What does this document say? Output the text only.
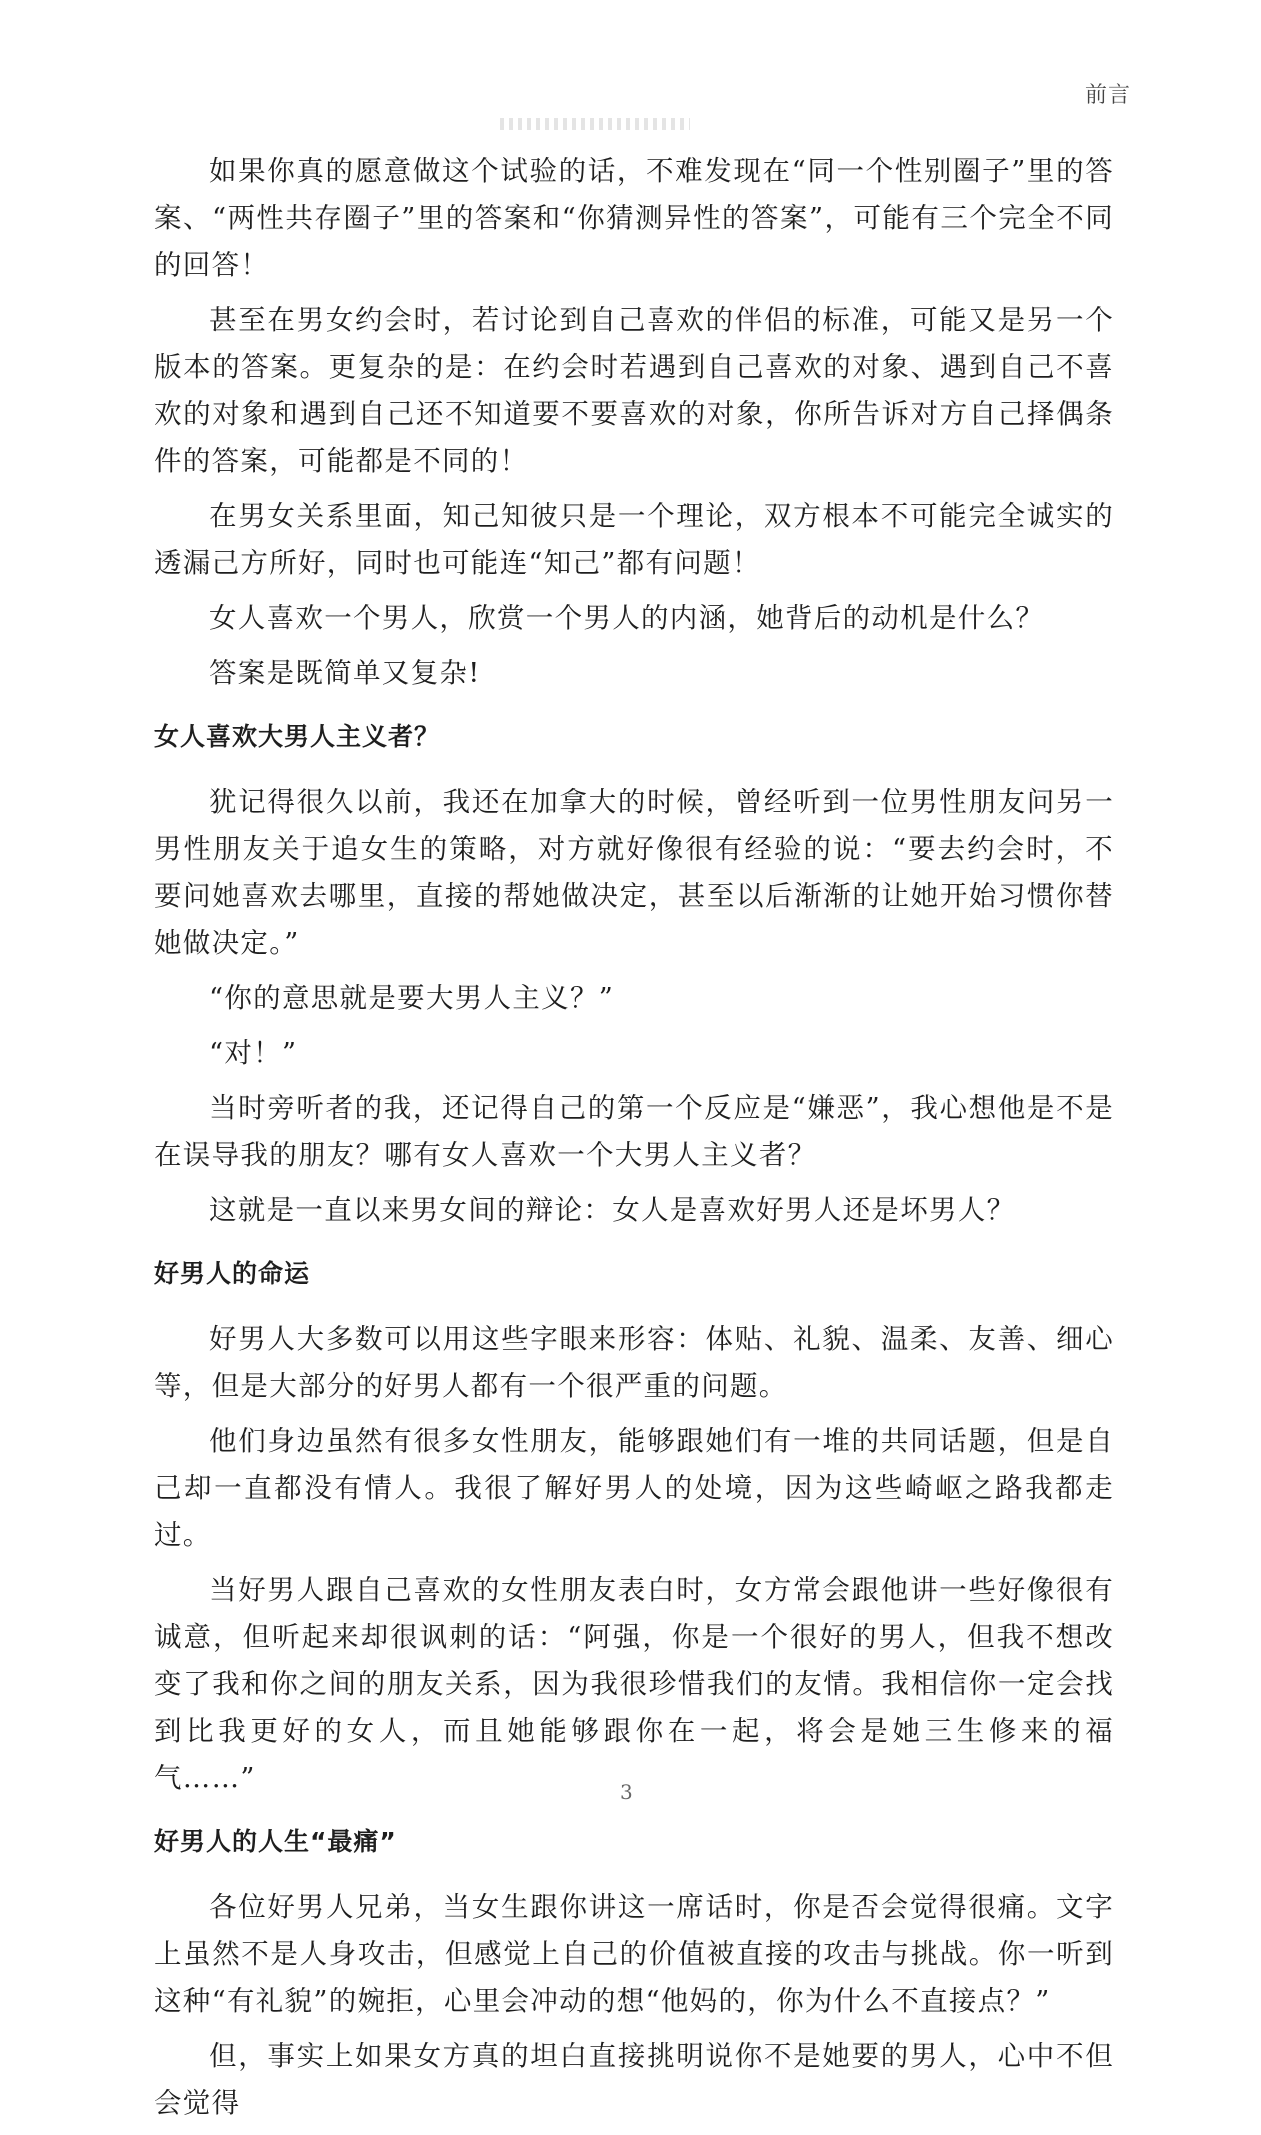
前言

如果你真的愿意做这个试验的话，不难发现在“同一个性别圈子”里的答案、“两性共存圈子”里的答案和“你猜测异性的答案”，可能有三个完全不同的回答！

甚至在男女约会时，若讨论到自己喜欢的伴侣的标准，可能又是另一个版本的答案。更复杂的是：在约会时若遇到自己喜欢的对象、遇到自己不喜欢的对象和遇到自己还不知道要不要喜欢的对象，你所告诉对方自己择偶条件的答案，可能都是不同的！

在男女关系里面，知己知彼只是一个理论，双方根本不可能完全诚实的透漏己方所好，同时也可能连“知己”都有问题！

女人喜欢一个男人，欣赏一个男人的内涵，她背后的动机是什么？

答案是既简单又复杂!

女人喜欢大男人主义者？

犹记得很久以前，我还在加拿大的时候，曾经听到一位男性朋友问另一男性朋友关于追女生的策略，对方就好像很有经验的说：“要去约会时，不要问她喜欢去哪里，直接的帮她做决定，甚至以后渐渐的让她开始习惯你替她做决定。”

“你的意思就是要大男人主义？”

“对！”

当时旁听者的我，还记得自己的第一个反应是“嫌恶”，我心想他是不是在误导我的朋友？哪有女人喜欢一个大男人主义者？

这就是一直以来男女间的辩论：女人是喜欢好男人还是坏男人？

好男人的命运

好男人大多数可以用这些字眼来形容：体贴、礼貌、温柔、友善、细心等，但是大部分的好男人都有一个很严重的问题。

他们身边虽然有很多女性朋友，能够跟她们有一堆的共同话题，但是自己却一直都没有情人。我很了解好男人的处境，因为这些崎岖之路我都走过。

当好男人跟自己喜欢的女性朋友表白时，女方常会跟他讲一些好像很有诚意，但听起来却很讽刺的话：“阿强，你是一个很好的男人，但我不想改变了我和你之间的朋友关系，因为我很珍惜我们的友情。我相信你一定会找到比我更好的女人，而且她能够跟你在一起，将会是她三生修来的福气……”

好男人的人生“最痛”

各位好男人兄弟，当女生跟你讲这一席话时，你是否会觉得很痛。文字上虽然不是人身攻击，但感觉上自己的价值被直接的攻击与挑战。你一听到这种“有礼貌”的婉拒，心里会冲动的想“他妈的，你为什么不直接点？”

但，事实上如果女方真的坦白直接挑明说你不是她要的男人，心中不但会觉得

3
